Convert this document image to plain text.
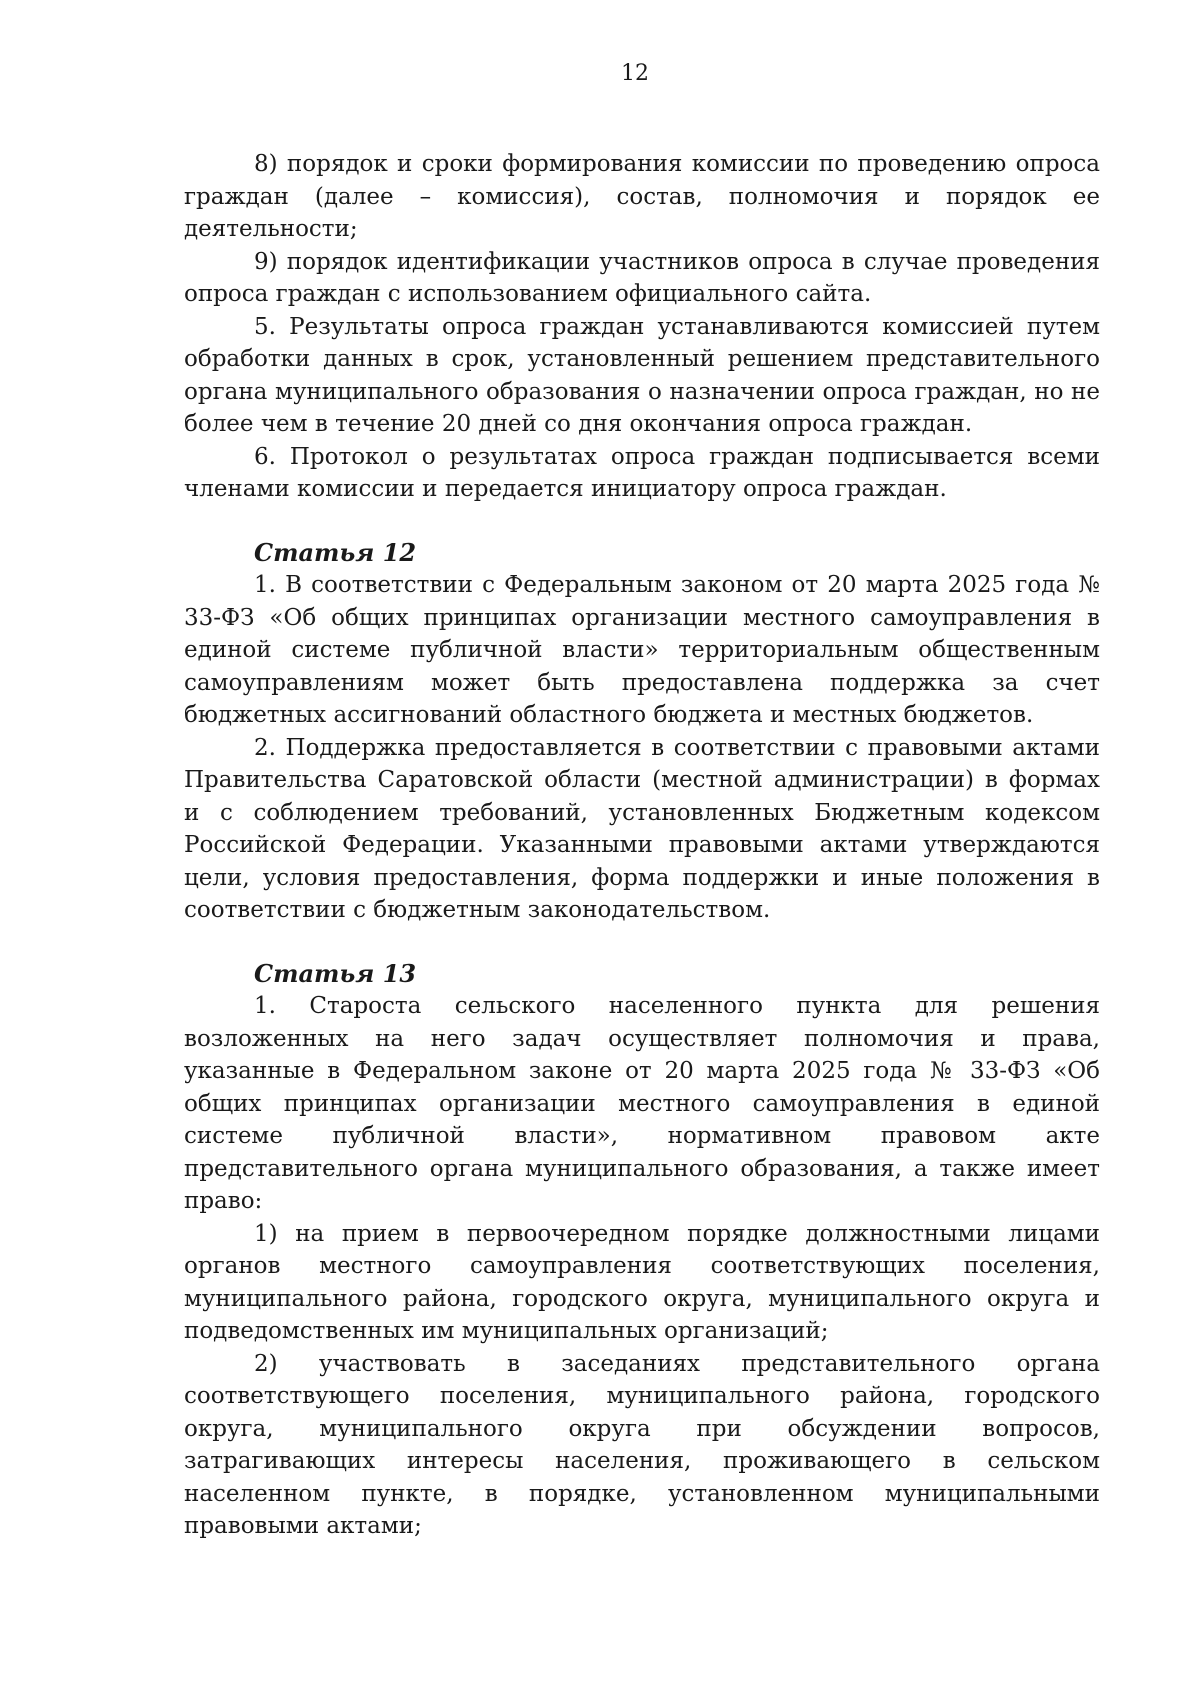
12

8) порядок и сроки формирования комиссии по проведению опроса граждан (далее – комиссия), состав, полномочия и порядок ее деятельности;

9) порядок идентификации участников опроса в случае проведения опроса граждан с использованием официального сайта.

5. Результаты опроса граждан устанавливаются комиссией путем обработки данных в срок, установленный решением представительного органа муниципального образования о назначении опроса граждан, но не более чем в течение 20 дней со дня окончания опроса граждан.

6. Протокол о результатах опроса граждан подписывается всеми членами комиссии и передается инициатору опроса граждан.

Статья 12

1. В соответствии с Федеральным законом от 20 марта 2025 года № 33-ФЗ «Об общих принципах организации местного самоуправления в единой системе публичной власти» территориальным общественным самоуправлениям может быть предоставлена поддержка за счет бюджетных ассигнований областного бюджета и местных бюджетов.

2. Поддержка предоставляется в соответствии с правовыми актами Правительства Саратовской области (местной администрации) в формах и с соблюдением требований, установленных Бюджетным кодексом Российской Федерации. Указанными правовыми актами утверждаются цели, условия предоставления, форма поддержки и иные положения в соответствии с бюджетным законодательством.

Статья 13

1. Староста сельского населенного пункта для решения возложенных на него задач осуществляет полномочия и права, указанные в Федеральном законе от 20 марта 2025 года № 33-ФЗ «Об общих принципах организации местного самоуправления в единой системе публичной власти», нормативном правовом акте представительного органа муниципального образования, а также имеет право:

1) на прием в первоочередном порядке должностными лицами органов местного самоуправления соответствующих поселения, муниципального района, городского округа, муниципального округа и подведомственных им муниципальных организаций;

2) участвовать в заседаниях представительного органа соответствующего поселения, муниципального района, городского округа, муниципального округа при обсуждении вопросов, затрагивающих интересы населения, проживающего в сельском населенном пункте, в порядке, установленном муниципальными правовыми актами;
